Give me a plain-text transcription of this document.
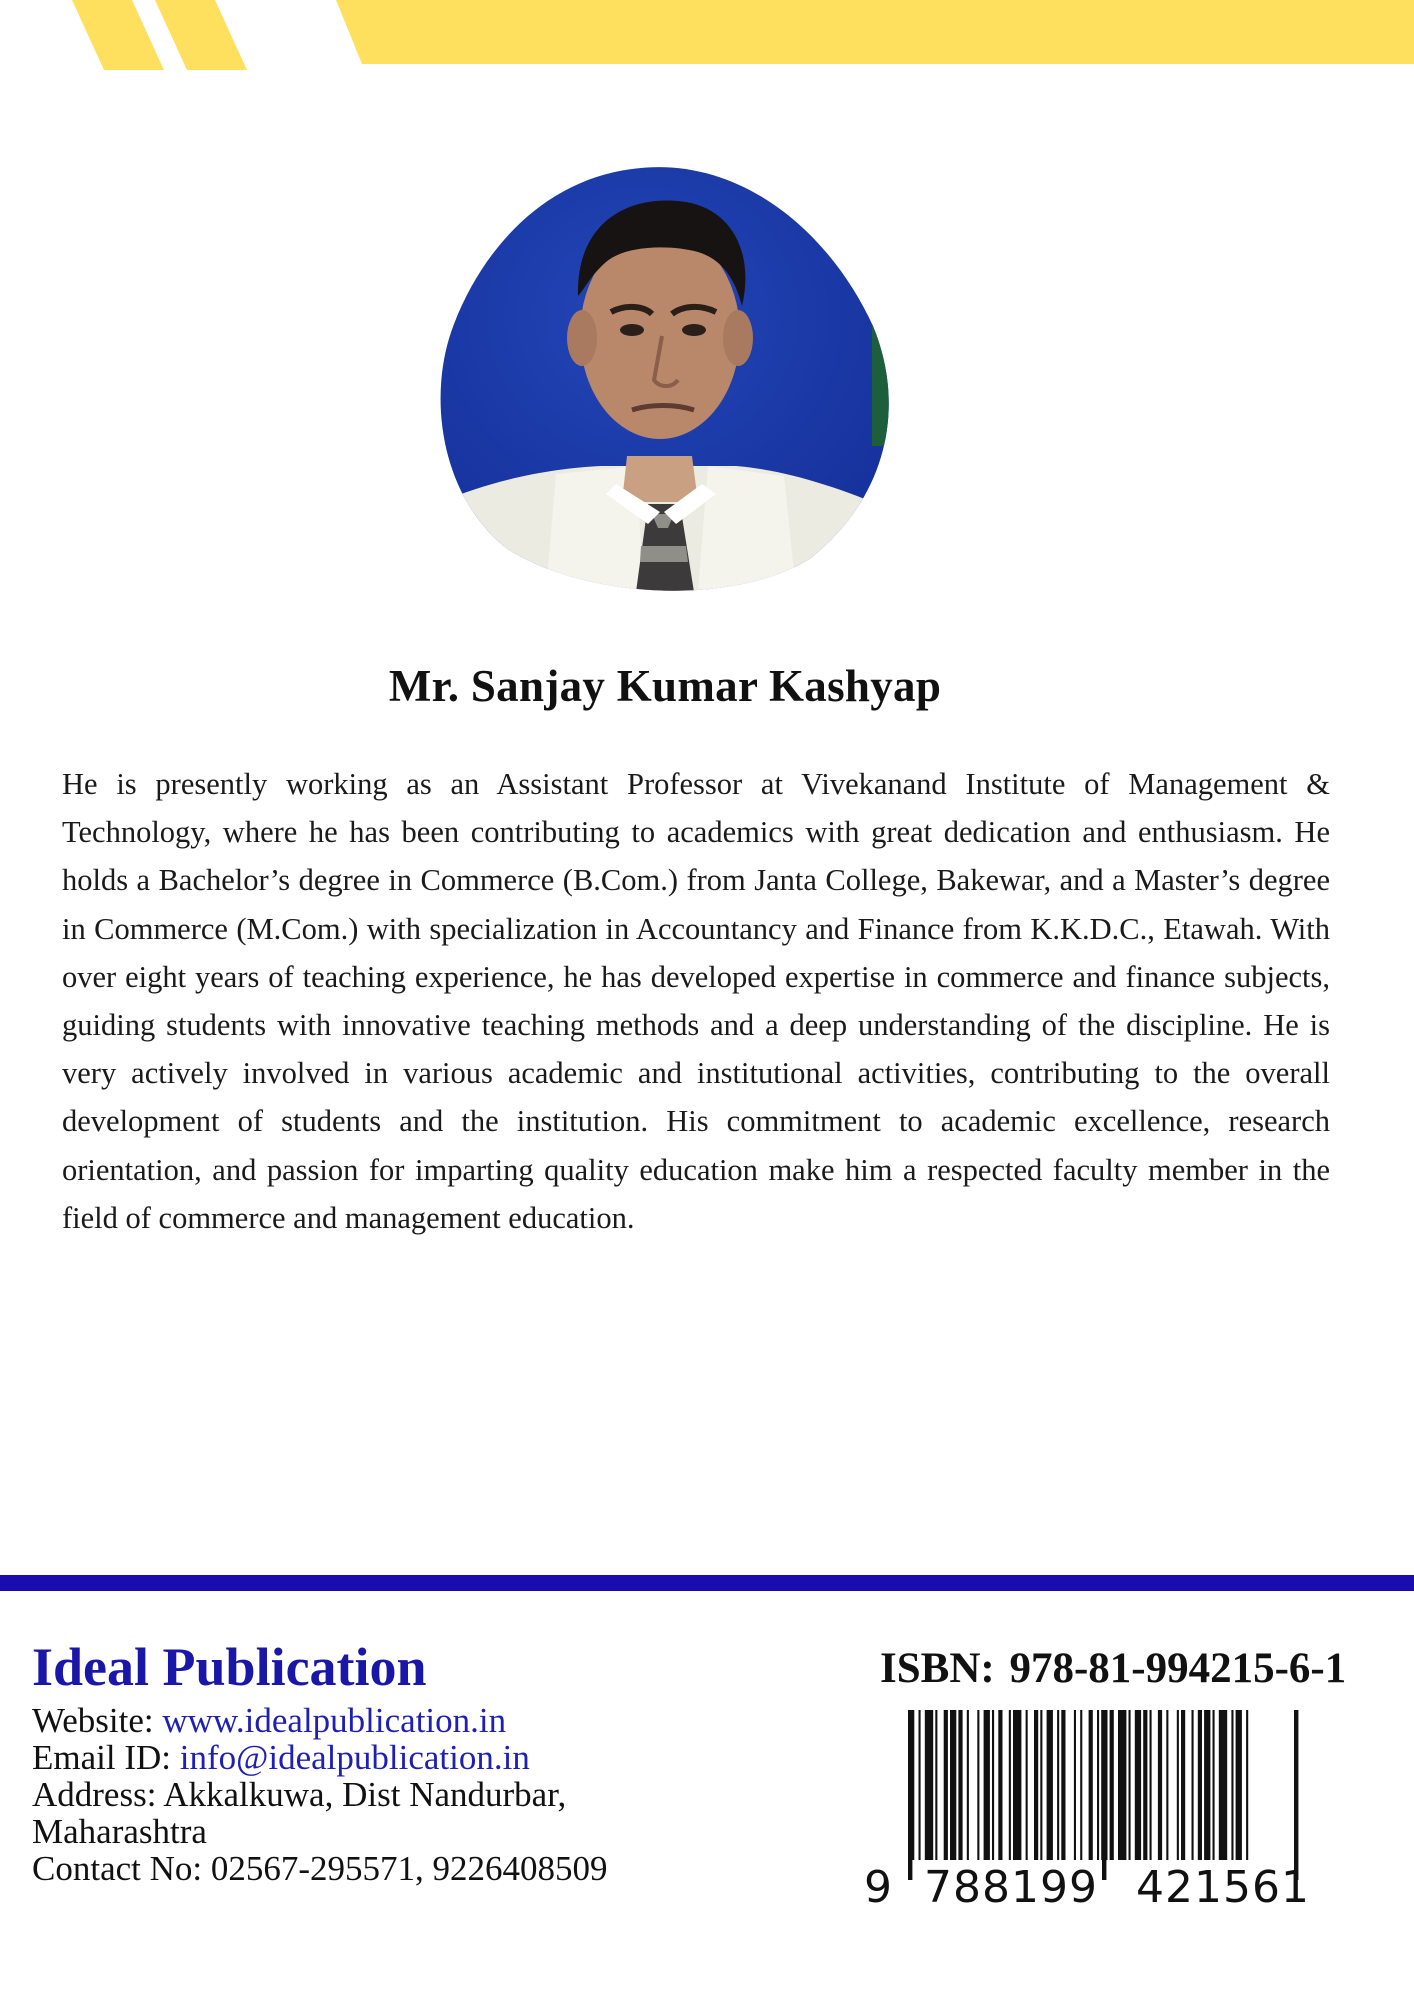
Mr. Sanjay Kumar Kashyap

He is presently working as an Assistant Professor at Vivekanand Institute of Management & Technology, where he has been contributing to academics with great dedication and enthusiasm. He holds a Bachelor’s degree in Commerce (B.Com.) from Janta College, Bakewar, and a Master’s degree in Commerce (M.Com.) with specialization in Accountancy and Finance from K.K.D.C., Etawah. With over eight years of teaching experience, he has developed expertise in commerce and finance subjects, guiding students with innovative teaching methods and a deep understanding of the discipline. He is very actively involved in various academic and institutional activities, contributing to the overall development of students and the institution. His commitment to academic excellence, research orientation, and passion for imparting quality education make him a respected faculty member in the field of commerce and management education.

Ideal Publication
Website: www.idealpublication.in
Email ID: info@idealpublication.in
Address: Akkalkuwa, Dist Nandurbar,
Maharashtra
Contact No: 02567-295571, 9226408509
ISBN: 978-81-994215-6-1
9 788199 421561
